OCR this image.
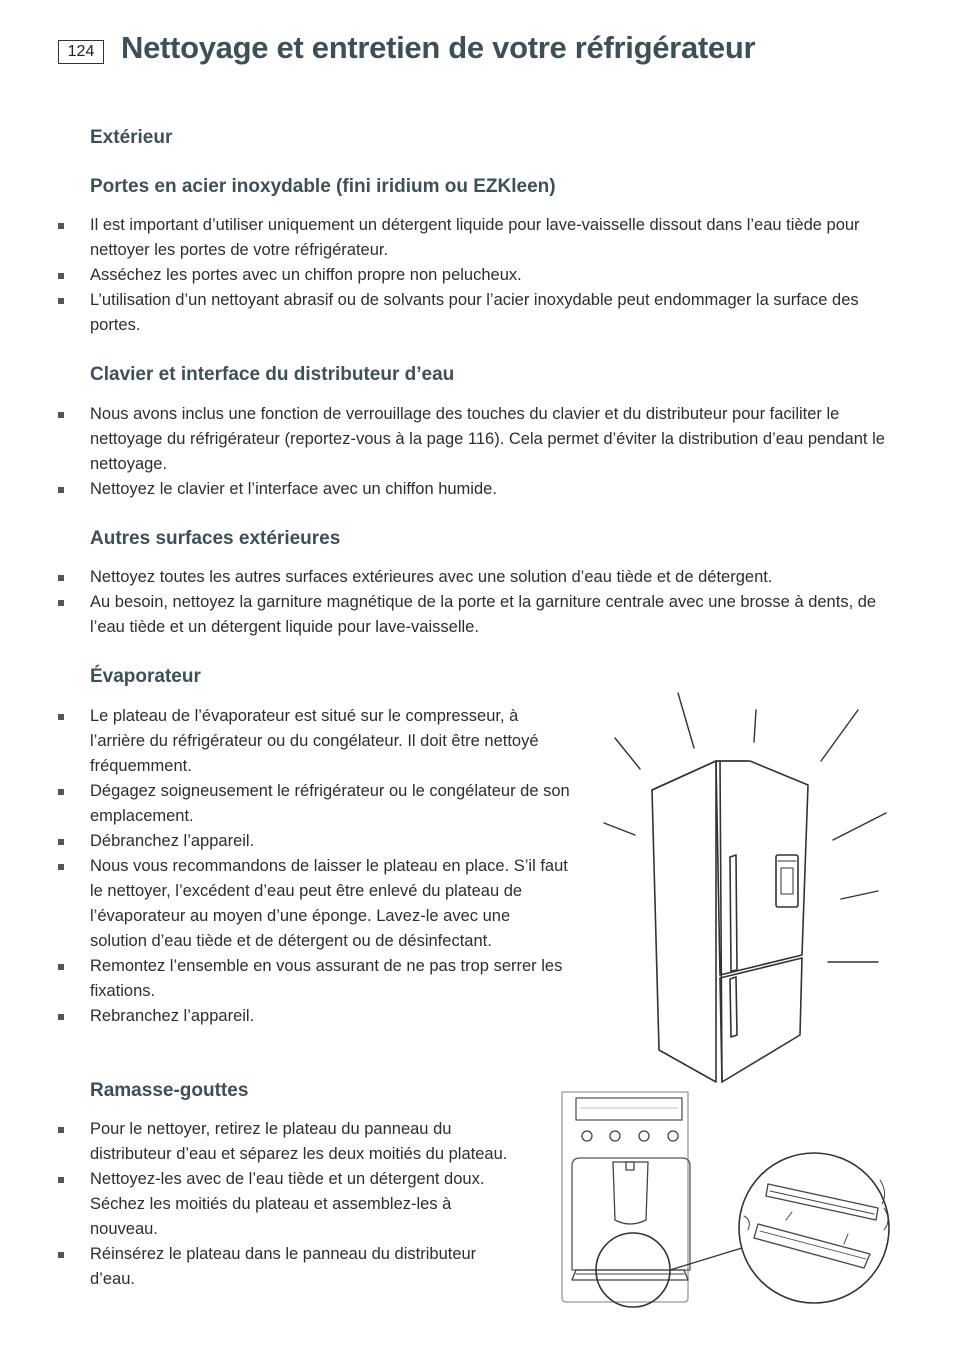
124 Nettoyage et entretien de votre réfrigérateur
Extérieur
Portes en acier inoxydable (fini iridium ou EZKleen)
Il est important d’utiliser uniquement un détergent liquide pour lave-vaisselle dissout dans l’eau tiède pour nettoyer les portes de votre réfrigérateur.
Asséchez les portes avec un chiffon propre non pelucheux.
L’utilisation d’un nettoyant abrasif ou de solvants pour l’acier inoxydable peut endommager la surface des portes.
Clavier et interface du distributeur d’eau
Nous avons inclus une fonction de verrouillage des touches du clavier et du distributeur pour faciliter le nettoyage du réfrigérateur (reportez-vous à la page 116). Cela permet d’éviter la distribution d’eau pendant le nettoyage.
Nettoyez le clavier et l’interface avec un chiffon humide.
Autres surfaces extérieures
Nettoyez toutes les autres surfaces extérieures avec une solution d’eau tiède et de détergent.
Au besoin, nettoyez la garniture magnétique de la porte et la garniture centrale avec une brosse à dents, de l’eau tiède et un détergent liquide pour lave-vaisselle.
Évaporateur
Le plateau de l’évaporateur est situé sur le compresseur, à l’arrière du réfrigérateur ou du congélateur. Il doit être nettoyé fréquemment.
Dégagez soigneusement le réfrigérateur ou le congélateur de son emplacement.
Débranchez l’appareil.
Nous vous recommandons de laisser le plateau en place. S’il faut le nettoyer, l’excédent d’eau peut être enlevé du plateau de l’évaporateur au moyen d’une éponge. Lavez-le avec une solution d’eau tiède et de détergent ou de désinfectant.
Remontez l’ensemble en vous assurant de ne pas trop serrer les fixations.
Rebranchez l’appareil.
Ramasse-gouttes
Pour le nettoyer, retirez le plateau du panneau du distributeur d’eau et séparez les deux moitiés du plateau.
Nettoyez-les avec de l’eau tiède et un détergent doux. Séchez les moitiés du plateau et assemblez-les à nouveau.
Réinsérez le plateau dans le panneau du distributeur d’eau.
